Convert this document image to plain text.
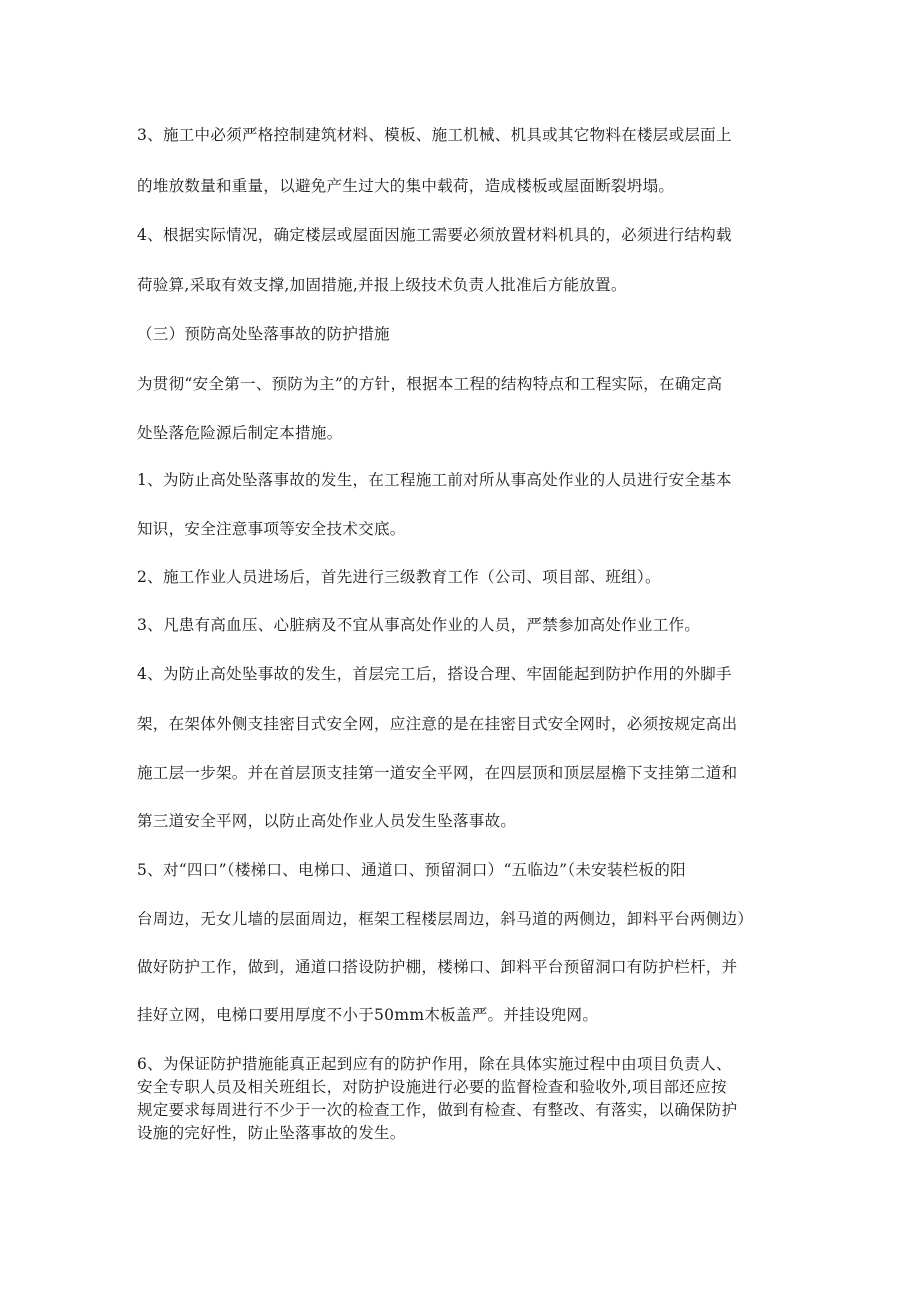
3、施工中必须严格控制建筑材料、模板、施工机械、机具或其它物料在楼层或层面上
的堆放数量和重量，以避免产生过大的集中载荷，造成楼板或屋面断裂坍塌。
4、根据实际情况，确定楼层或屋面因施工需要必须放置材料机具的，必须进行结构载
荷验算,采取有效支撑,加固措施,并报上级技术负责人批准后方能放置。
（三）预防高处坠落事故的防护措施
为贯彻“安全第一、预防为主”的方针，根据本工程的结构特点和工程实际，在确定高
处坠落危险源后制定本措施。
1、为防止高处坠落事故的发生，在工程施工前对所从事高处作业的人员进行安全基本
知识，安全注意事项等安全技术交底。
2、施工作业人员进场后，首先进行三级教育工作（公司、项目部、班组）。
3、凡患有高血压、心脏病及不宜从事高处作业的人员，严禁参加高处作业工作。
4、为防止高处坠事故的发生，首层完工后，搭设合理、牢固能起到防护作用的外脚手
架，在架体外侧支挂密目式安全网，应注意的是在挂密目式安全网时，必须按规定高出
施工层一步架。并在首层顶支挂第一道安全平网，在四层顶和顶层屋檐下支挂第二道和
第三道安全平网，以防止高处作业人员发生坠落事故。
5、对“四口”（楼梯口、电梯口、通道口、预留洞口）“五临边”（未安装栏板的阳
台周边，无女儿墙的层面周边，框架工程楼层周边，斜马道的两侧边，卸料平台两侧边）
做好防护工作，做到，通道口搭设防护棚，楼梯口、卸料平台预留洞口有防护栏杆，并
挂好立网，电梯口要用厚度不小于50mm木板盖严。并挂设兜网。
6、为保证防护措施能真正起到应有的防护作用，除在具体实施过程中由项目负责人、
安全专职人员及相关班组长，对防护设施进行必要的监督检查和验收外,项目部还应按
规定要求每周进行不少于一次的检查工作，做到有检查、有整改、有落实，以确保防护
设施的完好性，防止坠落事故的发生。
